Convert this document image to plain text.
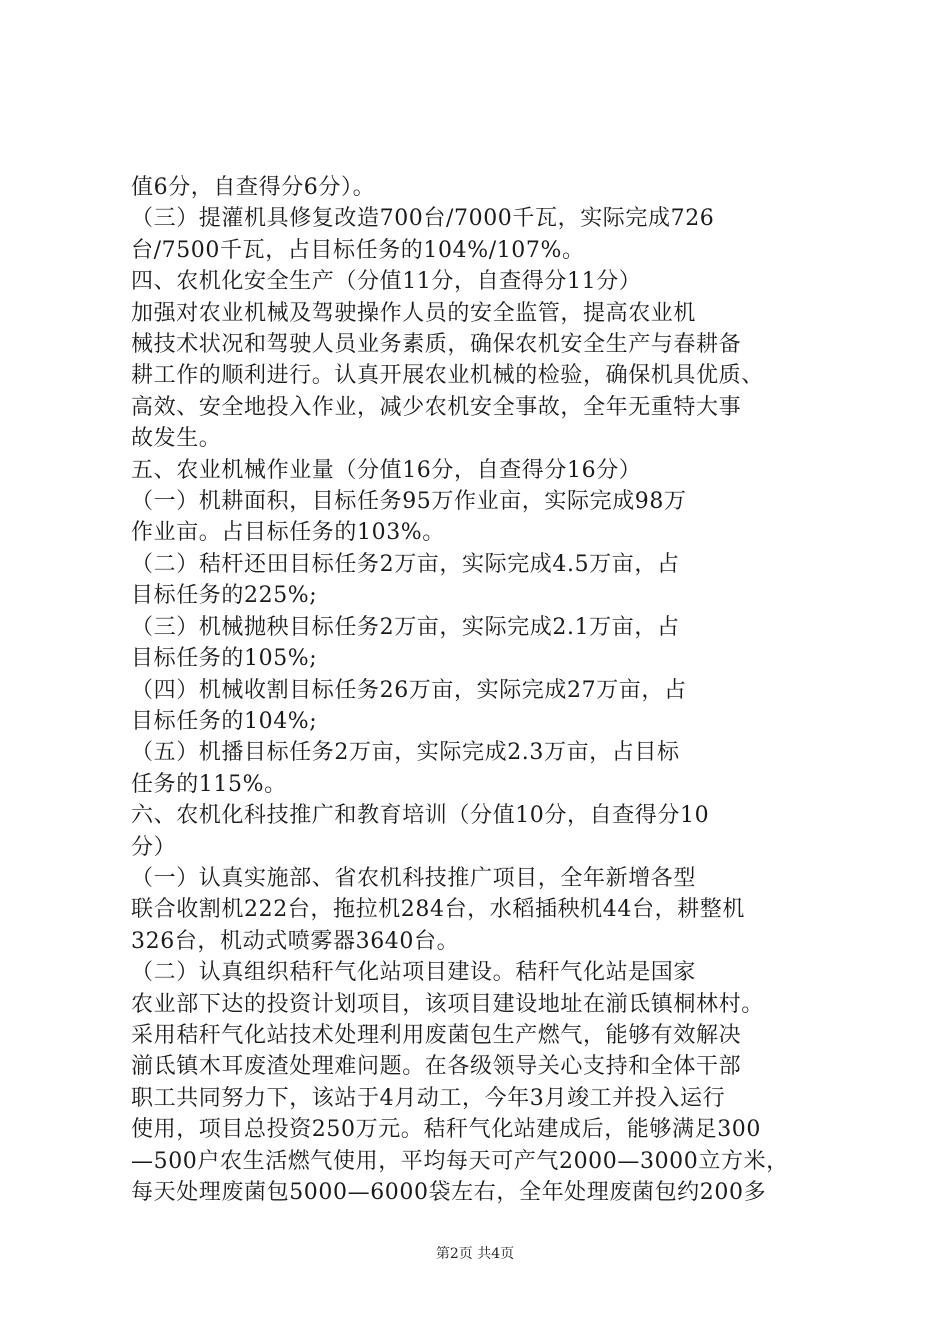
值6分，自查得分6分）。
（三）提灌机具修复改造700台/7000千瓦，实际完成726
台/7500千瓦，占目标任务的104%/107%。
四、农机化安全生产（分值11分，自查得分11分）
加强对农业机械及驾驶操作人员的安全监管，提高农业机
械技术状况和驾驶人员业务素质，确保农机安全生产与春耕备
耕工作的顺利进行。认真开展农业机械的检验，确保机具优质、
高效、安全地投入作业，减少农机安全事故，全年无重特大事
故发生。
五、农业机械作业量（分值16分，自查得分16分）
（一）机耕面积，目标任务95万作业亩，实际完成98万
作业亩。占目标任务的103%。
（二）秸杆还田目标任务2万亩，实际完成4.5万亩，占
目标任务的225%;
（三）机械抛秧目标任务2万亩，实际完成2.1万亩，占
目标任务的105%;
（四）机械收割目标任务26万亩，实际完成27万亩，占
目标任务的104%;
（五）机播目标任务2万亩，实际完成2.3万亩，占目标
任务的115%。
六、农机化科技推广和教育培训（分值10分，自查得分10
分）
（一）认真实施部、省农机科技推广项目，全年新增各型
联合收割机222台，拖拉机284台，水稻插秧机44台，耕整机
326台，机动式喷雾器3640台。
（二）认真组织秸秆气化站项目建设。秸秆气化站是国家
农业部下达的投资计划项目，该项目建设地址在湔氐镇桐林村。
采用秸秆气化站技术处理利用废菌包生产燃气，能够有效解决
湔氐镇木耳废渣处理难问题。在各级领导关心支持和全体干部
职工共同努力下，该站于4月动工，今年3月竣工并投入运行
使用，项目总投资250万元。秸秆气化站建成后，能够满足300
—500户农生活燃气使用，平均每天可产气2000—3000立方米，
每天处理废菌包5000—6000袋左右，全年处理废菌包约200多
第2页 共4页
